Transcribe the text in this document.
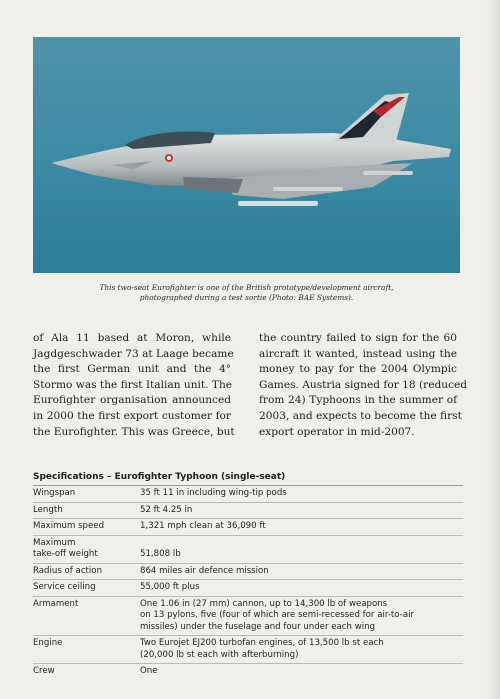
This two-seat Eurofighter is one of the British prototype/development aircraft,
photographed during a test sortie (Photo: BAE Systems).
of Ala 11 based at Moron, while
Jagdgeschwader 73 at Laage became
the first German unit and the 4°
Stormo was the first Italian unit. The
Eurofighter organisation announced
in 2000 the first export customer for
the Eurofighter. This was Greece, but
the country failed to sign for the 60
aircraft it wanted, instead using the
money to pay for the 2004 Olympic
Games. Austria signed for 18 (reduced
from 24) Typhoons in the summer of
2003, and expects to become the first
export operator in mid-2007.
Specifications – Eurofighter Typhoon (single-seat)
Wingspan	35 ft 11 in including wing-tip pods
Length	52 ft 4.25 in
Maximum speed	1,321 mph clean at 36,090 ft
Maximum
take-off weight	51,808 lb
Radius of action	864 miles air defence mission
Service ceiling	55,000 ft plus
Armament	One 1.06 in (27 mm) cannon, up to 14,300 lb of weapons
on 13 pylons, five (four of which are semi-recessed for air-to-air
missiles) under the fuselage and four under each wing
Engine	Two Eurojet EJ200 turbofan engines, of 13,500 lb st each
(20,000 lb st each with afterburning)
Crew	One
